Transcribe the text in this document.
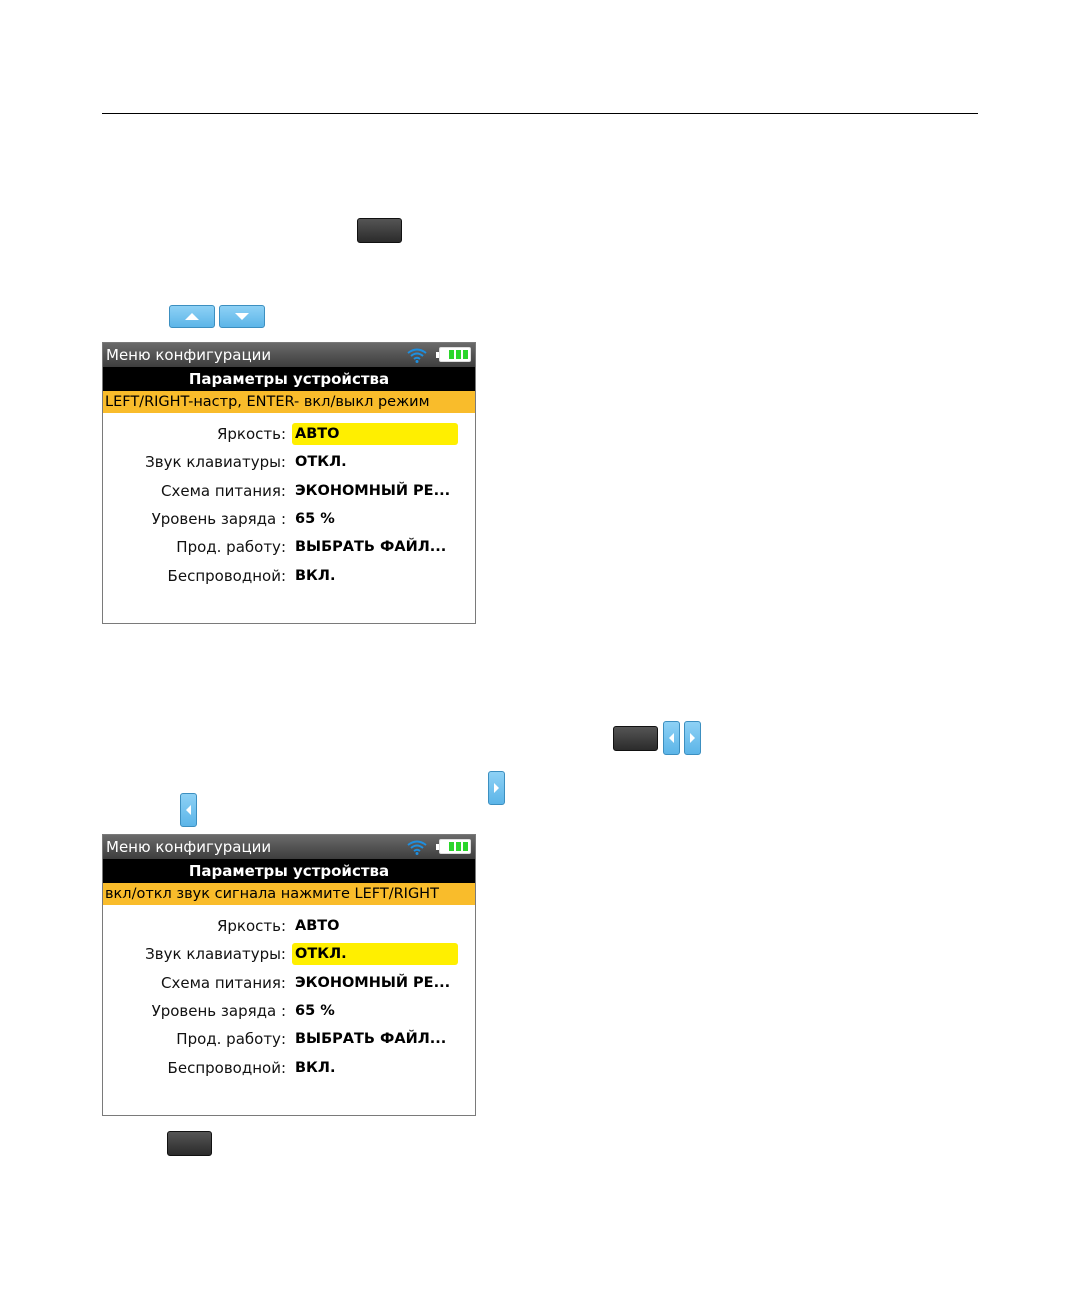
Меню конфигурации
Параметры устройства
LEFT/RIGHT-настр, ENTER- вкл/выкл режим
Яркость: АВТО
Звук клавиатуры: ОТКЛ.
Схема питания: ЭКОНОМНЫЙ РЕ...
Уровень заряда : 65 %
Прод. работу: ВЫБРАТЬ ФАЙЛ...
Беспроводной: ВКЛ.
Меню конфигурации
Параметры устройства
вкл/откл звук сигнала нажмите LEFT/RIGHT
Яркость: АВТО
Звук клавиатуры: ОТКЛ.
Схема питания: ЭКОНОМНЫЙ РЕ...
Уровень заряда : 65 %
Прод. работу: ВЫБРАТЬ ФАЙЛ...
Беспроводной: ВКЛ.
